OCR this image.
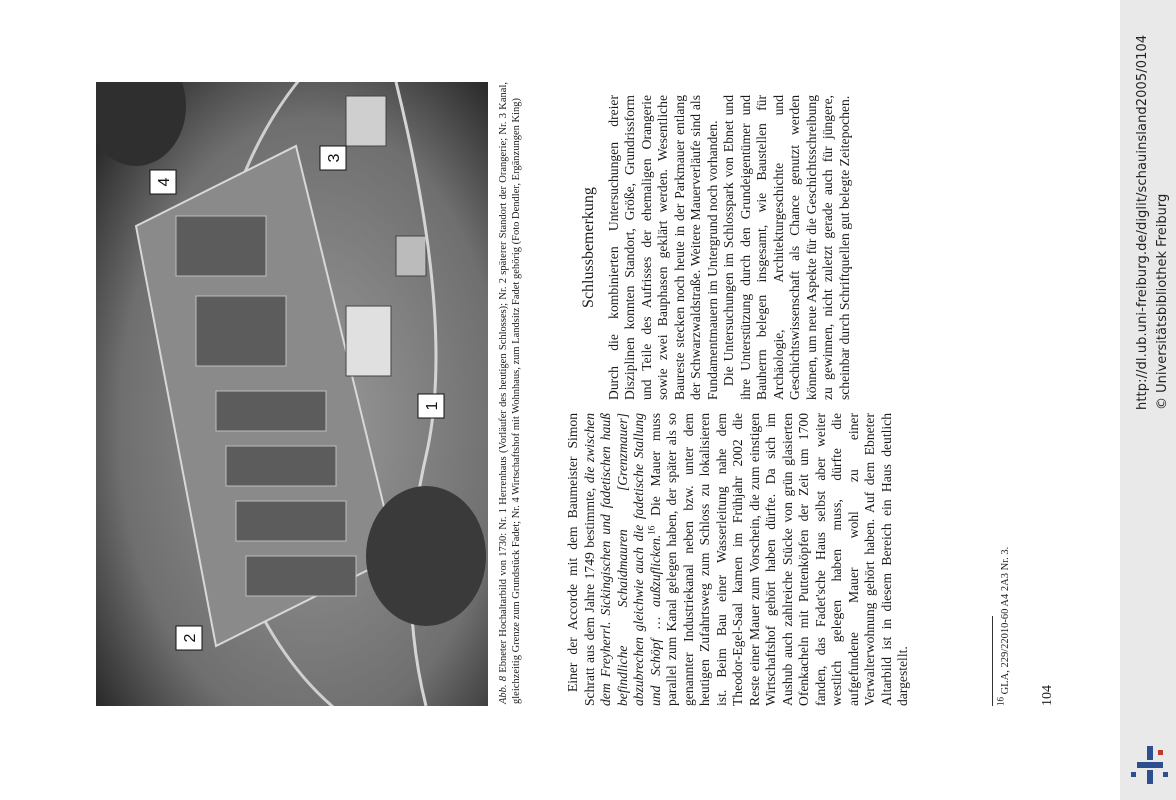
http://dl.ub.uni-freiburg.de/diglit/schauinsland2005/0104 © Universitätsbibliothek Freiburg
1
2
3
4
Abb. 8 Ebneter Hochaltarbild von 1730: Nr. 1 Herrenhaus (Vorläufer des heutigen Schlosses); Nr. 2 späterer Standort der Orangerie; Nr. 3 Kanal, gleichzeitig Grenze zum Grundstück Fadet; Nr. 4 Wirtschaftshof mit Wohnhaus, zum Landsitz Fadet gehörig (Foto Dendler, Ergänzungen King)	Einer der Accorde mit dem Baumeister Simon Schratt aus dem Jahre 1749 bestimmte, die zwischen dem Freyherrl. Sickingischen und fadetischen hauß befindliche Schaidmauren [Grenzmauer] abzubrechen gleichwie auch die fadetische Stallung und Schöpf … außzuflicken.$^{16}$ Die Mauer muss parallel zum Kanal gelegen haben, der später als so genannter Industriekanal neben bzw. unter dem heutigen Zufahrtsweg zum Schloss zu lokalisieren ist. Beim Bau einer Wasserleitung nahe dem Theodor-Egel-Saal kamen im Frühjahr 2002 die Reste einer Mauer zum Vorschein, die zum einstigen Wirtschaftshof gehört haben dürfte. Da sich im Aushub auch zahlreiche Stücke von grün glasierten Ofenkacheln mit Puttenköpfen der Zeit um 1700 fanden, das Fadet'sche Haus selbst aber weiter westlich gelegen haben muss, dürfte die aufgefundene Mauer wohl zu einer Verwalterwohnung gehört haben. Auf dem Ebneter Altarbild ist in diesem Bereich ein Haus deutlich dargestellt.

Schlussbemerkung Durch die kombinierten Untersuchungen dreier Disziplinen konnten Standort, Größe, Grundrissform und Teile des Aufrisses der ehemaligen Orangerie sowie zwei Bauphasen geklärt werden. Wesentliche Baureste stecken noch heute in der Parkmauer entlang der Schwarzwaldstraße. Weitere Mauerverläufe sind als Fundamentmauern im Untergrund noch vorhanden. Die Untersuchungen im Schlosspark von Ebnet und ihre Unterstützung durch den Grundeigentümer und Bauherrn belegen insgesamt, wie Baustellen für Archäologie, Architekturgeschichte und Geschichtswissenschaft als Chance genutzt werden können, um neue Aspekte für die Geschichtsschreibung zu gewinnen, nicht zuletzt gerade auch für jüngere, scheinbar durch Schriftquellen gut belegte Zeitepochen.

$^{16}$ GLA, 229/22010-60 A4 2A3 Nr. 3.
104
